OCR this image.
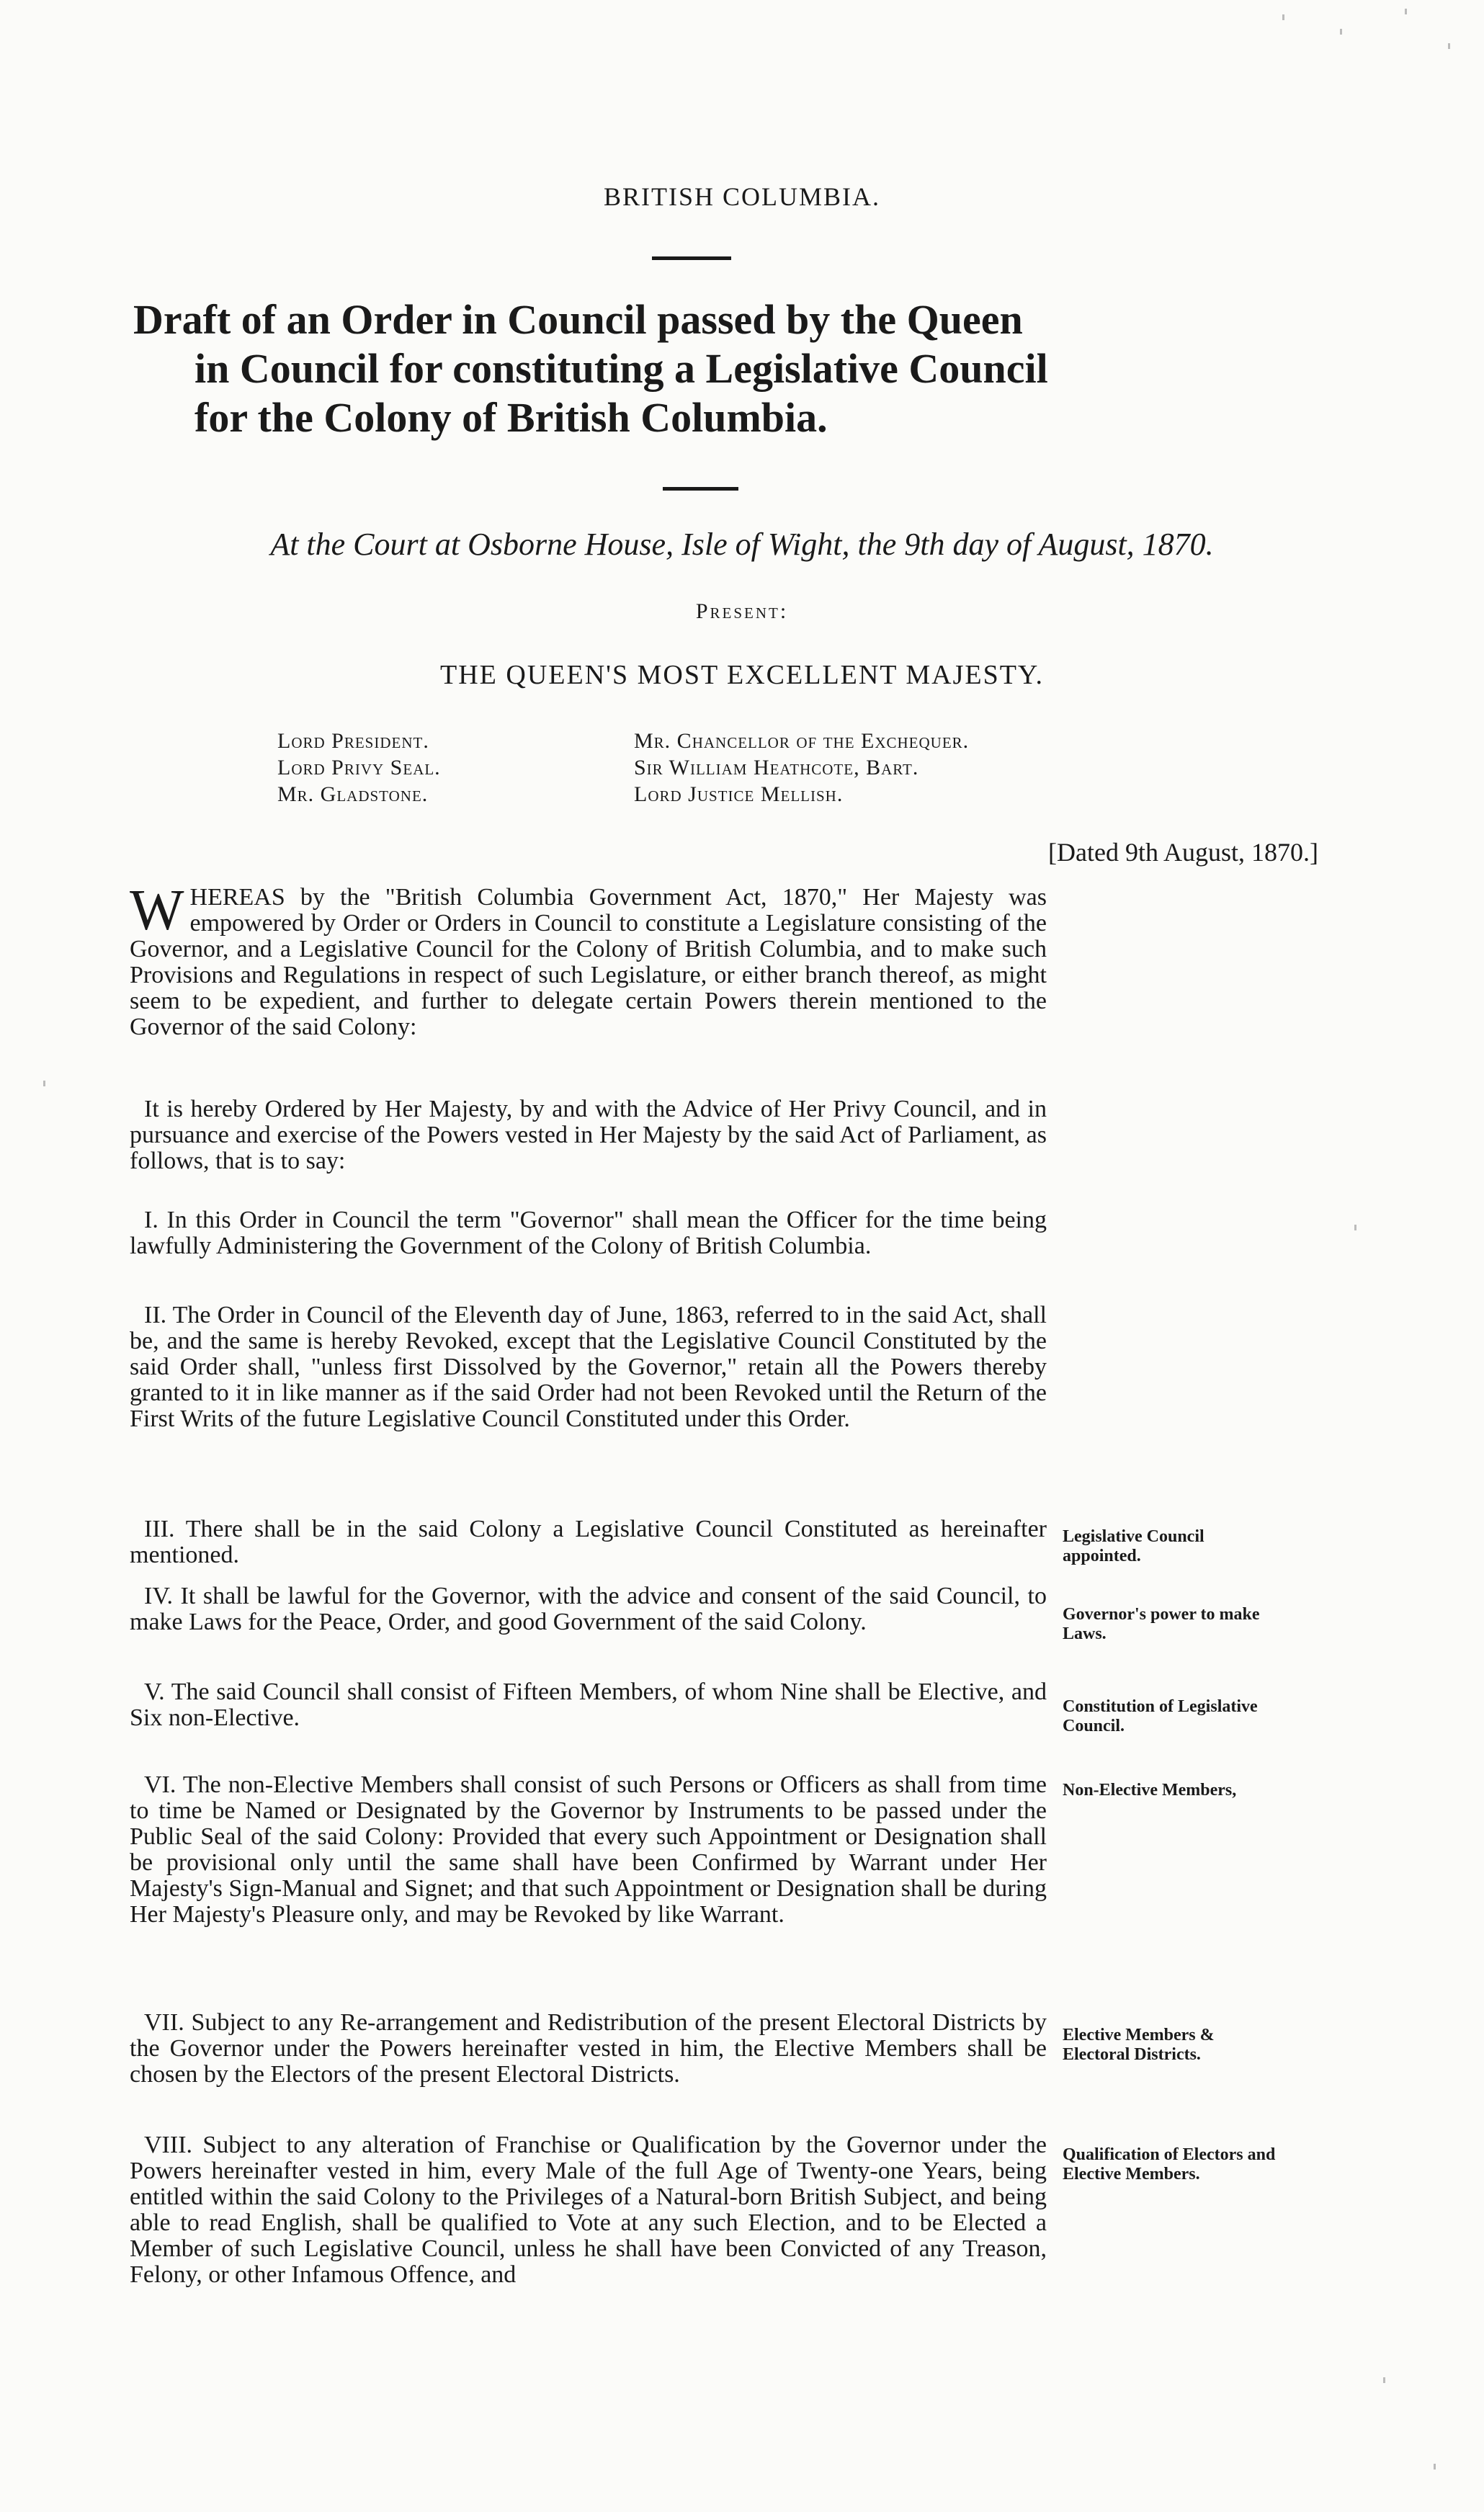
BRITISH COLUMBIA.
Draft of an Order in Council passed by the Queen
in Council for constituting a Legislative Council
for the Colony of British Columbia.
At the Court at Osborne House, Isle of Wight, the 9th day of August, 1870.
Present:
THE QUEEN'S MOST EXCELLENT MAJESTY.
Lord President.
Lord Privy Seal.
Mr. Gladstone.
Mr. Chancellor of the Exchequer.
Sir William Heathcote, Bart.
Lord Justice Mellish.
[Dated 9th August, 1870.]

WHEREAS by the "British Columbia Government Act, 1870," Her Majesty was empowered by Order or Orders in Council to constitute a Legislature consisting of the Governor, and a Legislative Council for the Colony of British Columbia, and to make such Provisions and Regulations in respect of such Legislature, or either branch thereof, as might seem to be expedient, and further to delegate certain Powers therein mentioned to the Governor of the said Colony:

It is hereby Ordered by Her Majesty, by and with the Advice of Her Privy Council, and in pursuance and exercise of the Powers vested in Her Majesty by the said Act of Parliament, as follows, that is to say:

I. In this Order in Council the term "Governor" shall mean the Officer for the time being lawfully Administering the Government of the Colony of British Columbia.

II. The Order in Council of the Eleventh day of June, 1863, referred to in the said Act, shall be, and the same is hereby Revoked, except that the Legislative Council Constituted by the said Order shall, "unless first Dissolved by the Governor," retain all the Powers thereby granted to it in like manner as if the said Order had not been Revoked until the Return of the First Writs of the future Legislative Council Constituted under this Order.

III. There shall be in the said Colony a Legislative Council Constituted as hereinafter mentioned.

IV. It shall be lawful for the Governor, with the advice and consent of the said Council, to make Laws for the Peace, Order, and good Government of the said Colony.

V. The said Council shall consist of Fifteen Members, of whom Nine shall be Elective, and Six non-Elective.

VI. The non-Elective Members shall consist of such Persons or Officers as shall from time to time be Named or Designated by the Governor by Instruments to be passed under the Public Seal of the said Colony: Provided that every such Appointment or Designation shall be provisional only until the same shall have been Confirmed by Warrant under Her Majesty's Sign-Manual and Signet; and that such Appointment or Designation shall be during Her Majesty's Pleasure only, and may be Revoked by like Warrant.

VII. Subject to any Re-arrangement and Redistribution of the present Electoral Districts by the Governor under the Powers hereinafter vested in him, the Elective Members shall be chosen by the Electors of the present Electoral Districts.

VIII. Subject to any alteration of Franchise or Qualification by the Governor under the Powers hereinafter vested in him, every Male of the full Age of Twenty-one Years, being entitled within the said Colony to the Privileges of a Natural-born British Subject, and being able to read English, shall be qualified to Vote at any such Election, and to be Elected a Member of such Legislative Council, unless he shall have been Convicted of any Treason, Felony, or other Infamous Offence, and

Legislative Council appointed.
Governor's power to make Laws.
Constitution of Legislative Council.
Non-Elective Members,
Elective Members & Electoral Districts.
Qualification of Electors and Elective Members.
